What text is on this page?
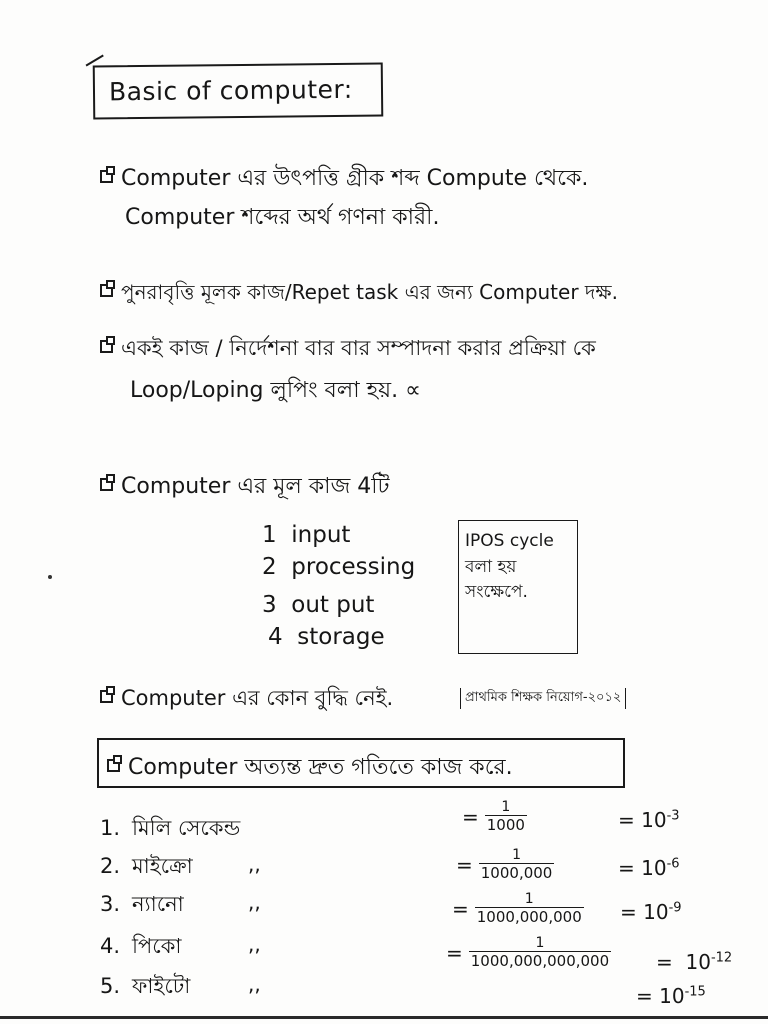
Basic of computer:
Computer এর উৎপত্তি গ্রীক শব্দ Compute থেকে.
Computer শব্দের অর্থ গণনা কারী.
পুনরাবৃত্তি মূলক কাজ/Repet task এর জন্য Computer দক্ষ.
একই কাজ / নির্দেশনা বার বার সম্পাদনা করার প্রক্রিয়া কে
Loop/Loping লুপিং বলা হয়. ∝
Computer এর মূল কাজ 4টি
1 input
2 processing
3 out put
4 storage
IPOS cycle
বলা হয়
সংক্ষেপে.
Computer এর কোন বুদ্ধি নেই.	প্রাথমিক শিক্ষক নিয়োগ-২০১২
Computer অত্যন্ত দ্রুত গতিতে কাজ করে.
1. মিলি সেকেন্ড
2. মাইক্রো
3. ন্যানো
4. পিকো
5. ফাইটো
,,
,,
,,
,,
= $\frac{1}{1000}$
= $\frac{1}{1000,000}$
= $\frac{1}{1000,000,000}$
= $\frac{1}{1000,000,000,000}$
= $10^{-3}$
= $10^{-6}$
= $10^{-9}$
=  $10^{-12}$
= $10^{-15}$
